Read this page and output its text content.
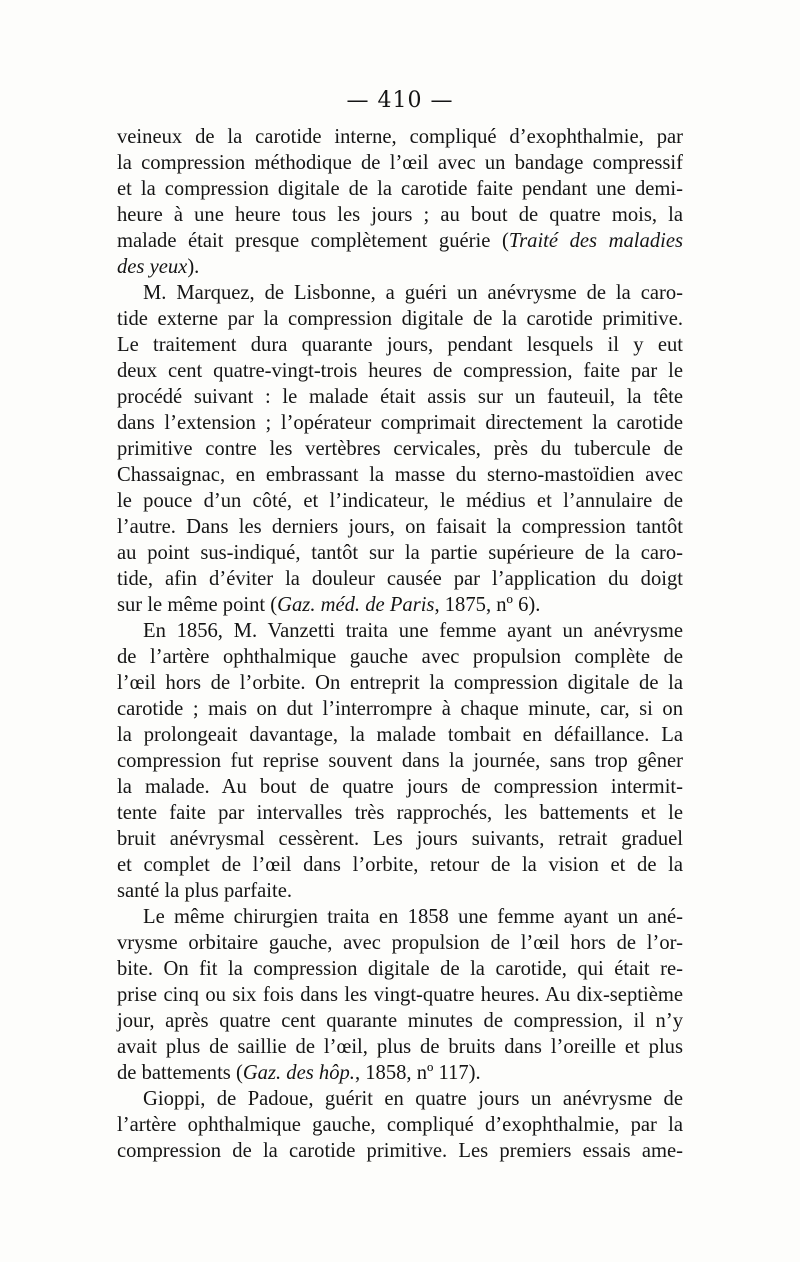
— 410 —
veineux de la carotide interne, compliqué d’exophthalmie, par
la compression méthodique de l’œil avec un bandage compressif
et la compression digitale de la carotide faite pendant une demi-
heure à une heure tous les jours ; au bout de quatre mois, la
malade était presque complètement guérie (Traité des maladies
des yeux).
M. Marquez, de Lisbonne, a guéri un anévrysme de la caro-
tide externe par la compression digitale de la carotide primitive.
Le traitement dura quarante jours, pendant lesquels il y eut
deux cent quatre-vingt-trois heures de compression, faite par le
procédé suivant : le malade était assis sur un fauteuil, la tête
dans l’extension ; l’opérateur comprimait directement la carotide
primitive contre les vertèbres cervicales, près du tubercule de
Chassaignac, en embrassant la masse du sterno-mastoïdien avec
le pouce d’un côté, et l’indicateur, le médius et l’annulaire de
l’autre. Dans les derniers jours, on faisait la compression tantôt
au point sus-indiqué, tantôt sur la partie supérieure de la caro-
tide, afin d’éviter la douleur causée par l’application du doigt
sur le même point (Gaz. méd. de Paris, 1875, nº 6).
En 1856, M. Vanzetti traita une femme ayant un anévrysme
de l’artère ophthalmique gauche avec propulsion complète de
l’œil hors de l’orbite. On entreprit la compression digitale de la
carotide ; mais on dut l’interrompre à chaque minute, car, si on
la prolongeait davantage, la malade tombait en défaillance. La
compression fut reprise souvent dans la journée, sans trop gêner
la malade. Au bout de quatre jours de compression intermit-
tente faite par intervalles très rapprochés, les battements et le
bruit anévrysmal cessèrent. Les jours suivants, retrait graduel
et complet de l’œil dans l’orbite, retour de la vision et de la
santé la plus parfaite.
Le même chirurgien traita en 1858 une femme ayant un ané-
vrysme orbitaire gauche, avec propulsion de l’œil hors de l’or-
bite. On fit la compression digitale de la carotide, qui était re-
prise cinq ou six fois dans les vingt-quatre heures. Au dix-septième
jour, après quatre cent quarante minutes de compression, il n’y
avait plus de saillie de l’œil, plus de bruits dans l’oreille et plus
de battements (Gaz. des hôp., 1858, nº 117).
Gioppi, de Padoue, guérit en quatre jours un anévrysme de
l’artère ophthalmique gauche, compliqué d’exophthalmie, par la
compression de la carotide primitive. Les premiers essais ame-
